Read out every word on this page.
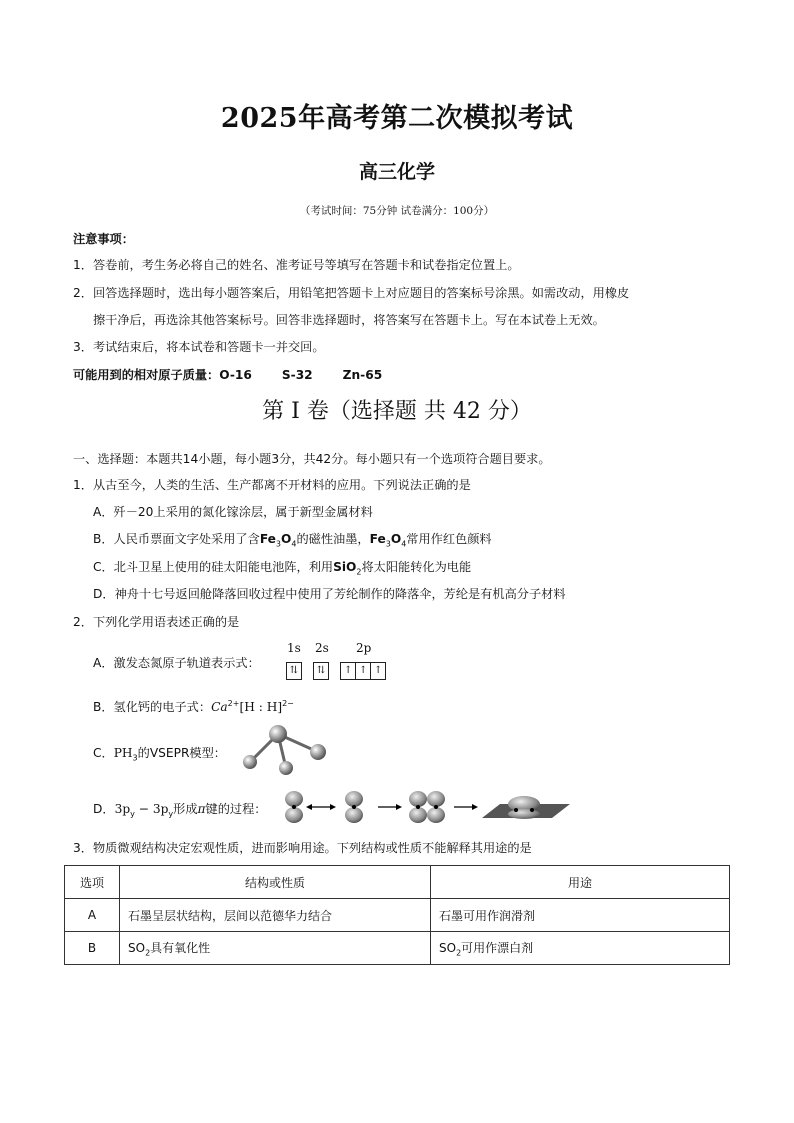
2025年高考第二次模拟考试
高三化学
（考试时间：75分钟 试卷满分：100分）
注意事项：
1．答卷前，考生务必将自己的姓名、准考证号等填写在答题卡和试卷指定位置上。
2．回答选择题时，选出每小题答案后，用铅笔把答题卡上对应题目的答案标号涂黑。如需改动，用橡皮
擦干净后，再选涂其他答案标号。回答非选择题时，将答案写在答题卡上。写在本试卷上无效。
3．考试结束后，将本试卷和答题卡一并交回。
可能用到的相对原子质量：O-16 S-32 Zn-65
第 I 卷（选择题 共 42 分）
一、选择题：本题共14小题，每小题3分，共42分。每小题只有一个选项符合题目要求。
1．从古至今，人类的生活、生产都离不开材料的应用。下列说法正确的是
A．歼－20上采用的氮化镓涂层，属于新型金属材料
B．人民币票面文字处采用了含$Fe_3O_4$的磁性油墨，$Fe_3O_4$常用作红色颜料
C．北斗卫星上使用的硅太阳能电池阵，利用SiO$_2$将太阳能转化为电能
D．神舟十七号返回舱降落回收过程中使用了芳纶制作的降落伞，芳纶是有机高分子材料
2．下列化学用语表述正确的是
A．激发态氮原子轨道表示式：
1s 2s 2p
⇅ ⇅ ↑ ↑ ↑
B．氢化钙的电子式：$Ca^{2+}[H$ : H]$^{2-}$
C．$PH_3$的VSEPR模型：
D．$3p_y - 3p_y$形成π键的过程：
3．物质微观结构决定宏观性质，进而影响用途。下列结构或性质不能解释其用途的是
选项	结构或性质	用途
A	石墨呈层状结构，层间以范德华力结合	石墨可用作润滑剂
B	$SO_2$具有氧化性	$SO_2$可用作漂白剂
